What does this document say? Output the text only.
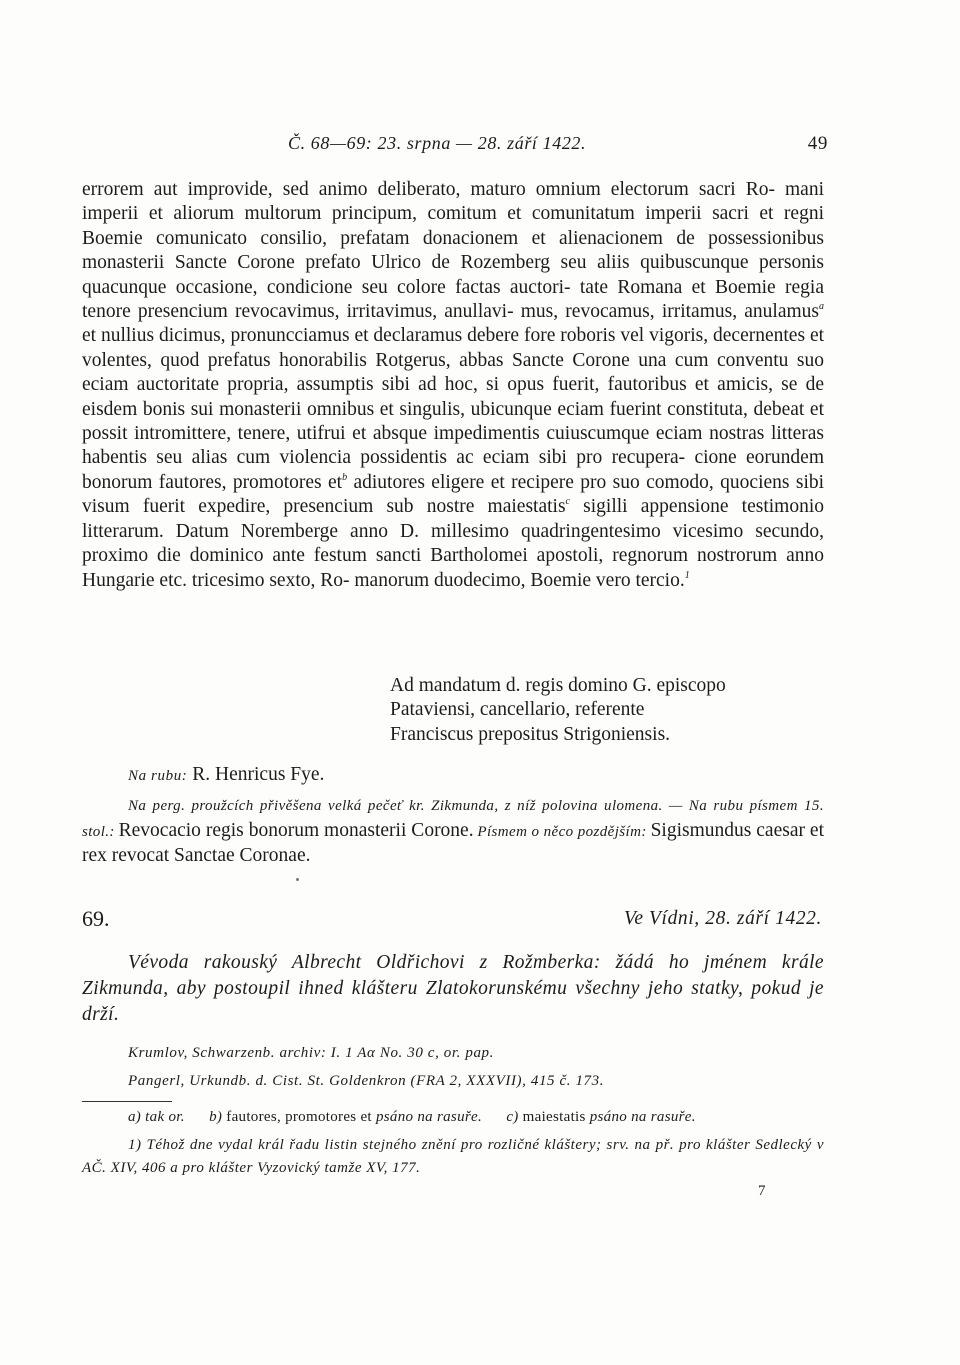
Č. 68—69: 23. srpna — 28. září 1422.	49

errorem aut improvide, sed animo deliberato, maturo omnium electorum sacri Ro- mani imperii et aliorum multorum principum, comitum et comunitatum imperii sacri et regni Boemie comunicato consilio, prefatam donacionem et alienacionem de possessionibus monasterii Sancte Corone prefato Ulrico de Rozemberg seu aliis quibuscunque personis quacunque occasione, condicione seu colore factas auctori- tate Romana et Boemie regia tenore presencium revocavimus, irritavimus, anullavi- mus, revocamus, irritamus, anulamus$^a$ et nullius dicimus, pronuncciamus et declaramus debere fore roboris vel vigoris, decernentes et volentes, quod prefatus honorabilis Rotgerus, abbas Sancte Corone una cum conventu suo eciam auctoritate propria, assumptis sibi ad hoc, si opus fuerit, fautoribus et amicis, se de eisdem bonis sui monasterii omnibus et singulis, ubicunque eciam fuerint constituta, debeat et possit intromittere, tenere, utifrui et absque impedimentis cuiuscumque eciam nostras litteras habentis seu alias cum violencia possidentis ac eciam sibi pro recupera- cione eorundem bonorum fautores, promotores $et^b$ adiutores eligere et recipere pro suo comodo, quociens sibi visum fuerit expedire, presencium sub nostre maiestatis$^c$ sigilli appensione testimonio litterarum. Datum Noremberge anno D. millesimo quadringentesimo vicesimo secundo, proximo die dominico ante festum sancti Bartholomei apostoli, regnorum nostrorum anno Hungarie etc. tricesimo sexto, Ro- manorum duodecimo, Boemie vero tercio.$^1$

Ad mandatum d. regis domino G. episcopo
Pataviensi, cancellario, referente
Franciscus prepositus Strigoniensis.
Na rubu: R. Henricus Fye.

Na perg. proužcích přivěšena velká pečeť kr. Zikmunda, z níž polovina ulomena. — Na rubu písmem 15. stol.: Revocacio regis bonorum monasterii Corone. Písmem o něco pozdějším: Sigismundus caesar et rex revocat Sanctae Coronae.

69.	Ve Vídni, 28. září 1422.
Vévoda rakouský Albrecht Oldřichovi z Rožmberka: žádá ho jménem krále Zikmunda, aby postoupil ihned klášteru Zlatokorunskému všechny jeho statky, pokud je drží.
Krumlov, Schwarzenb. archiv: I. 1 Aα No. 30 c, or. pap.
Pangerl, Urkundb. d. Cist. St. Goldenkron (FRA 2, XXXVII), 415 č. 173.
a) tak or. b) fautores, promotores et psáno na rasuře. c) maiestatis psáno na rasuře.
1) Téhož dne vydal král řadu listin stejného znění pro rozličné kláštery; srv. na př. pro klášter Sedlecký v AČ. XIV, 406 a pro klášter Vyzovický tamže XV, 177.
7
